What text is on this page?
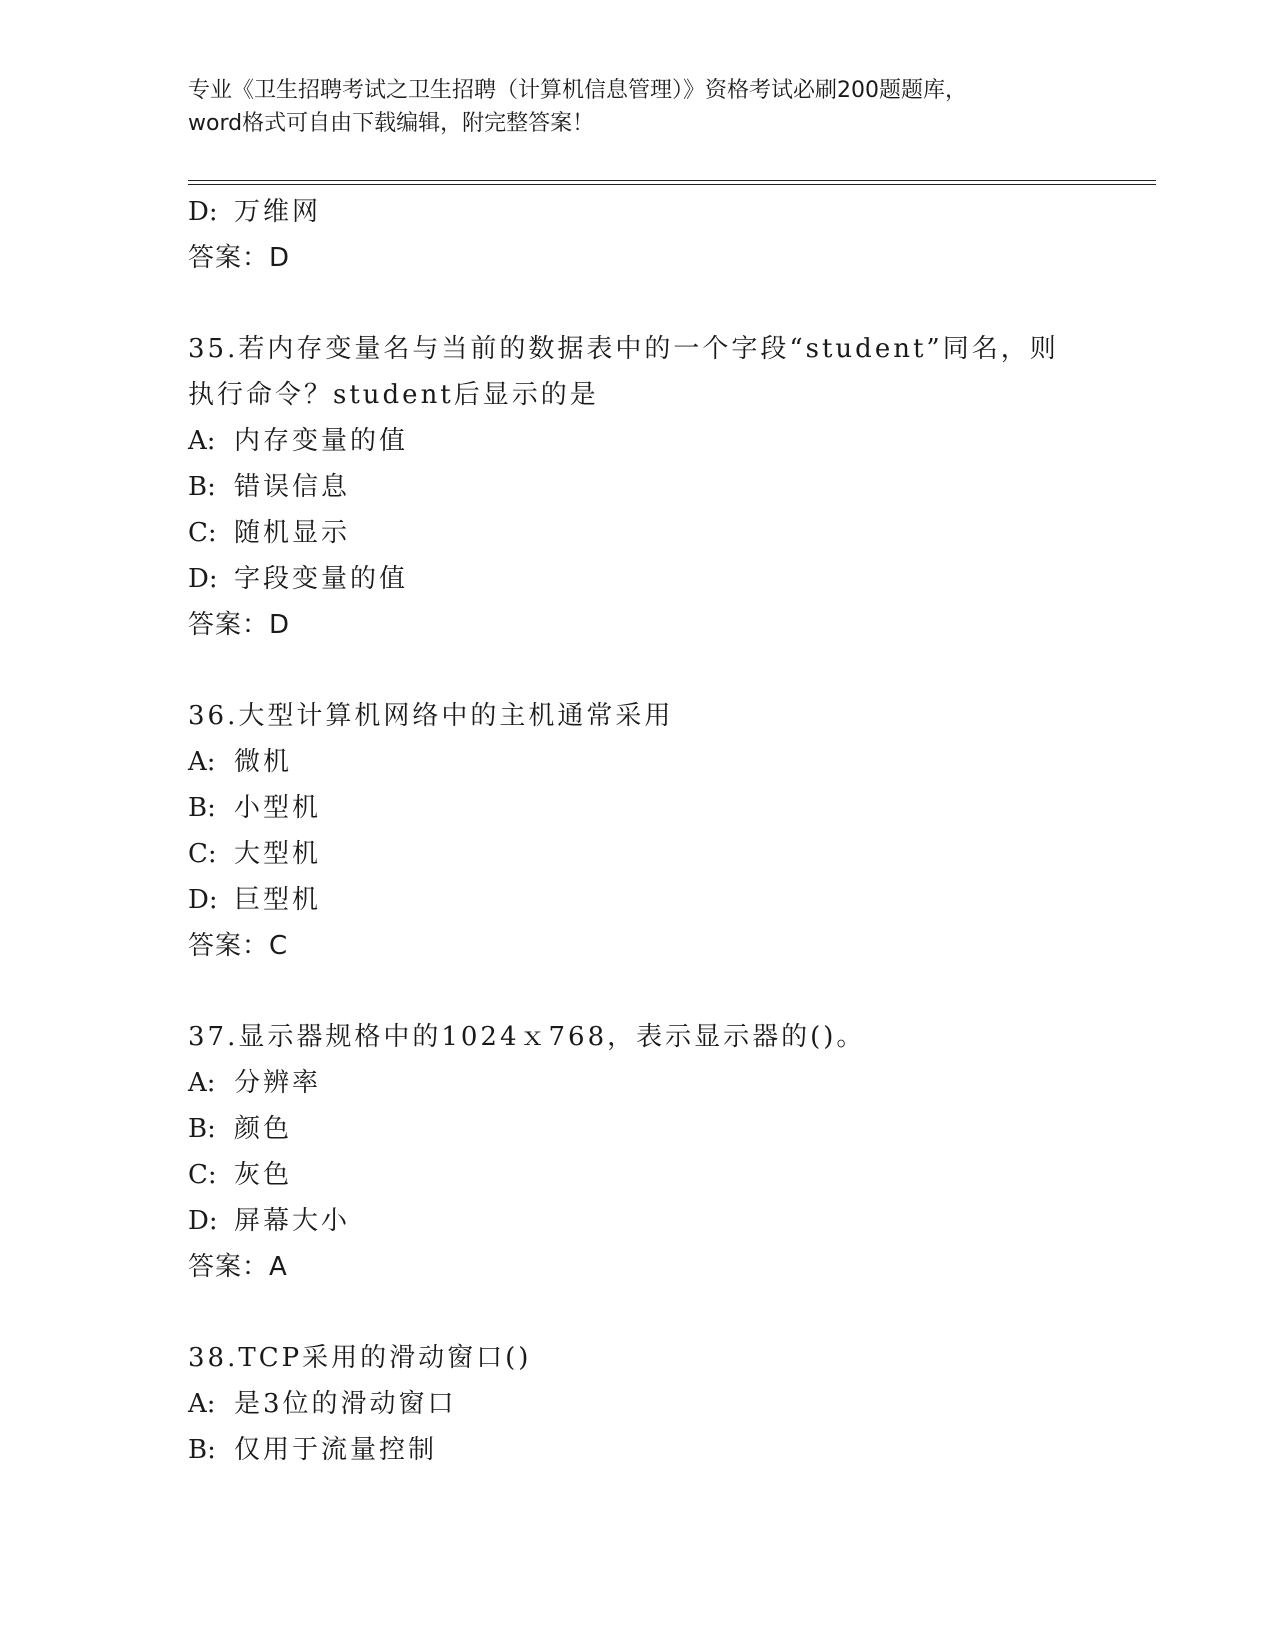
专业《卫生招聘考试之卫生招聘（计算机信息管理）》资格考试必刷200题题库，
word格式可自由下载编辑，附完整答案！
D: 万维网
答案：D
35.若内存变量名与当前的数据表中的一个字段“student”同名，则
执行命令？student后显示的是
A: 内存变量的值
B: 错误信息
C: 随机显示
D: 字段变量的值
答案：D
36.大型计算机网络中的主机通常采用
A: 微机
B: 小型机
C: 大型机
D: 巨型机
答案：C
37.显示器规格中的1024ｘ768，表示显示器的()。
A: 分辨率
B: 颜色
C: 灰色
D: 屏幕大小
答案：A
38.TCP采用的滑动窗口()
A: 是3位的滑动窗口
B: 仅用于流量控制
